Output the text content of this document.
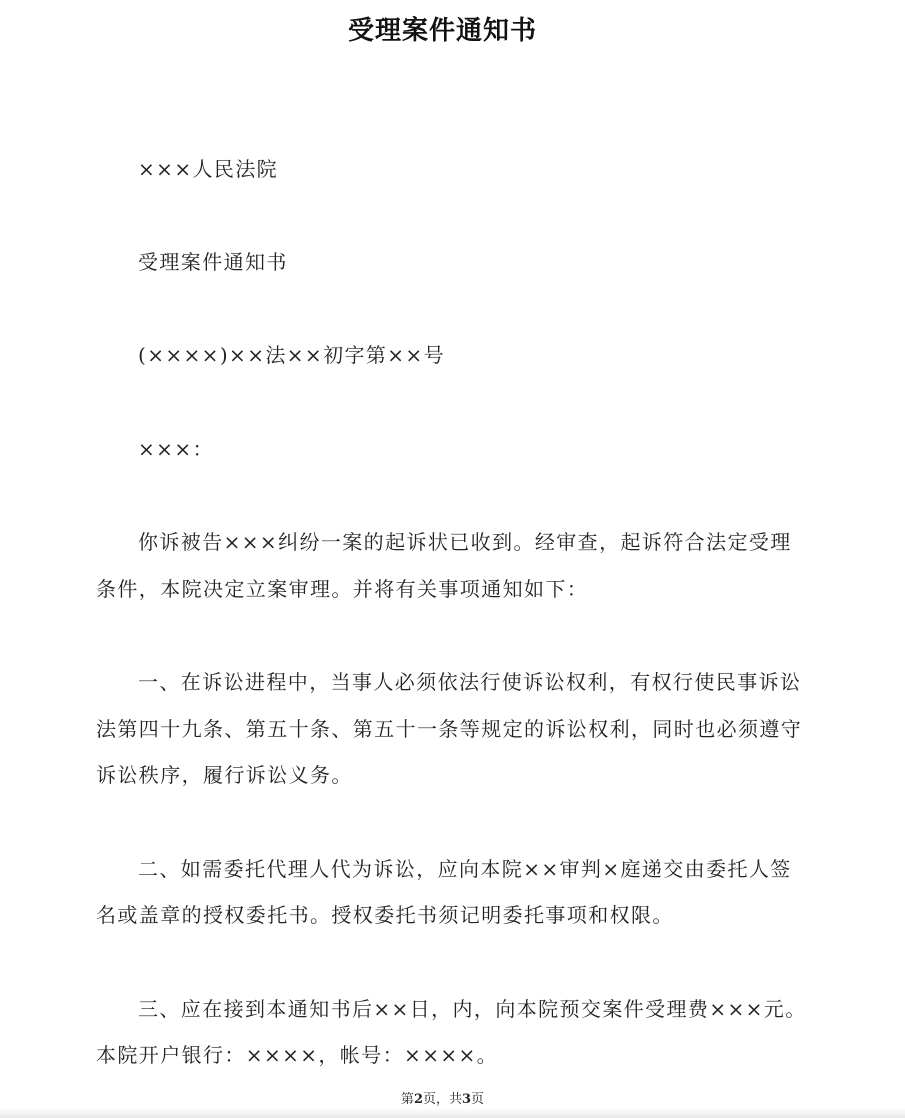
受理案件通知书
×××人民法院
受理案件通知书
(××××)××法××初字第××号
×××：
你诉被告×××纠纷一案的起诉状已收到。经审查，起诉符合法定受理
条件，本院决定立案审理。并将有关事项通知如下：
一、在诉讼进程中，当事人必须依法行使诉讼权利，有权行使民事诉讼
法第四十九条、第五十条、第五十一条等规定的诉讼权利，同时也必须遵守
诉讼秩序，履行诉讼义务。
二、如需委托代理人代为诉讼，应向本院××审判×庭递交由委托人签
名或盖章的授权委托书。授权委托书须记明委托事项和权限。
三、应在接到本通知书后××日，内，向本院预交案件受理费×××元。
本院开户银行：××××，帐号：××××。
第2页，共3页
